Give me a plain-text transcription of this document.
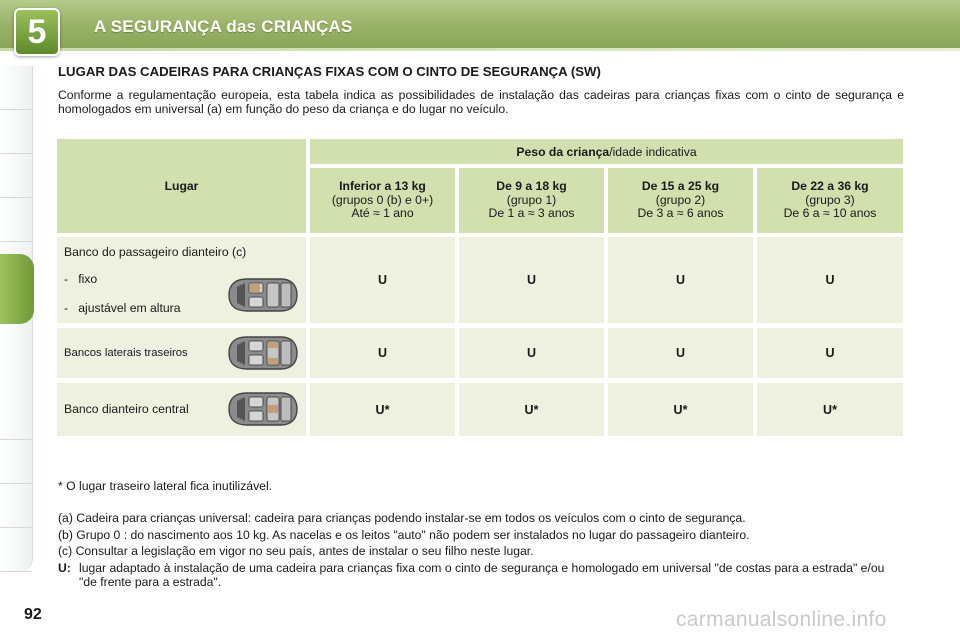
5	A SEGURANÇA das CRIANÇAS
LUGAR DAS CADEIRAS PARA CRIANÇAS FIXAS COM O CINTO DE SEGURANÇA (SW)
Conforme a regulamentação europeia, esta tabela indica as possibilidades de instalação das cadeiras para crianças fixas com o cinto de segurança e homologados em universal (a) em função do peso da criança e do lugar no veículo.
Lugar
Peso da criança /idade indicativa
Inferior a 13 kg
(grupos 0 (b) e 0+)
Até ≈ 1 ano
De 9 a 18 kg
(grupo 1)
De 1 a ≈ 3 anos
De 15 a 25 kg
(grupo 2)
De 3 a ≈ 6 anos
De 22 a 36 kg
(grupo 3)
De 6 a ≈ 10 anos
Banco do passageiro dianteiro (c)
-   fixo
-   ajustável em altura
U	U	U	U
Bancos laterais traseiros	U	U	U	U
Banco dianteiro central	U*	U*	U*	U*
* O lugar traseiro lateral fica inutilizável.
(a) Cadeira para crianças universal: cadeira para crianças podendo instalar-se em todos os veículos com o cinto de segurança.
(b) Grupo 0 : do nascimento aos 10 kg. As nacelas e os leitos "auto" não podem ser instalados no lugar do passageiro dianteiro.
(c) Consultar a legislação em vigor no seu país, antes de instalar o seu filho neste lugar.
U: lugar adaptado à instalação de uma cadeira para crianças fixa com o cinto de segurança e homologado em universal "de costas para a estrada" e/ou "de frente para a estrada".
92	carmanualsonline.info
